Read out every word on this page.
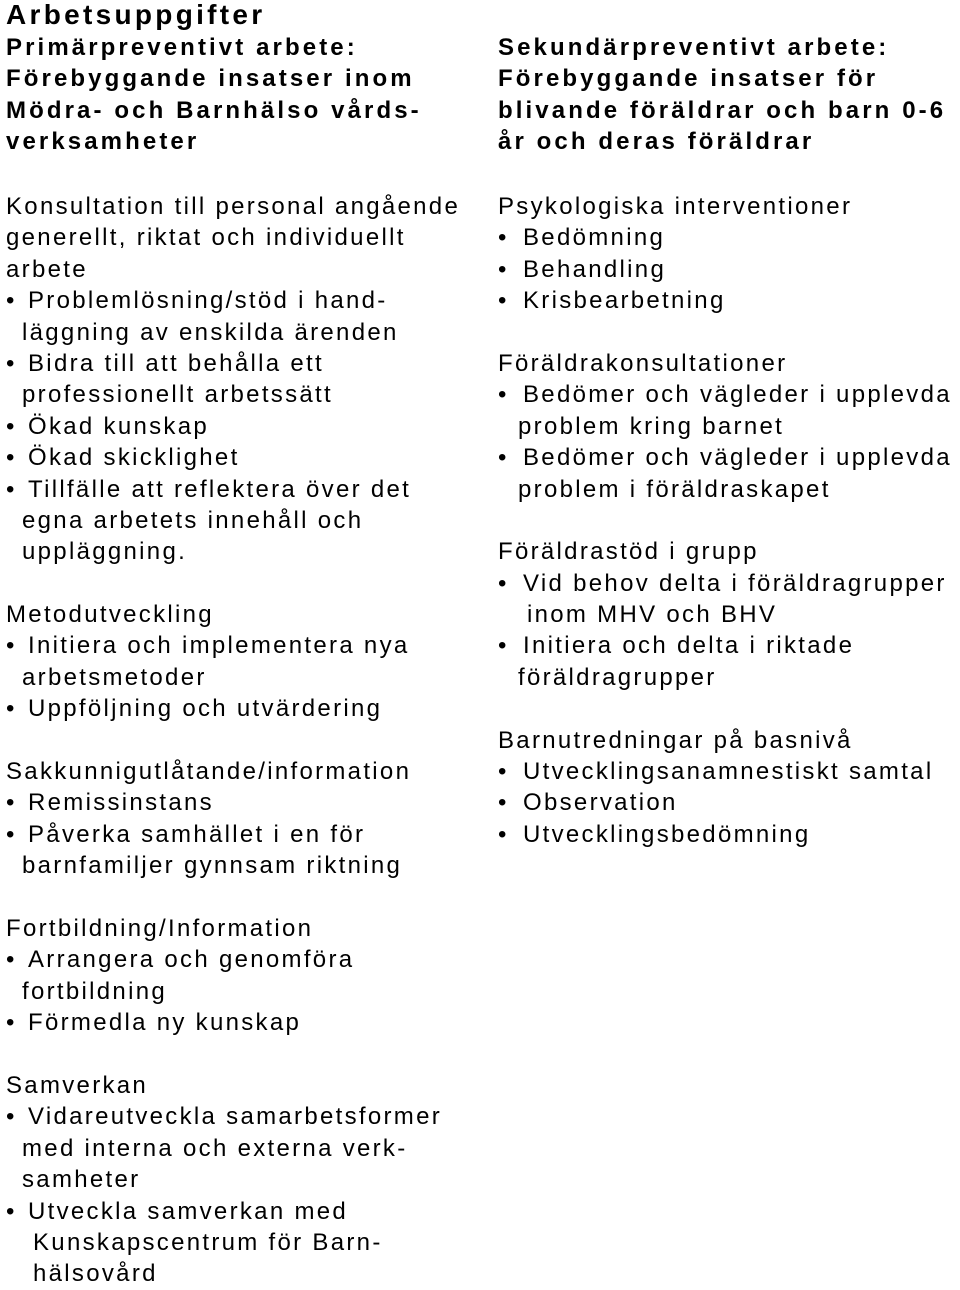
Arbetsuppgifter
Primärpreventivt arbete:
Förebyggande insatser inom
Mödra- och Barnhälso vårds-
verksamheter
Sekundärpreventivt arbete:
Förebyggande insatser för
blivande föräldrar och barn 0-6
år och deras föräldrar
Konsultation till personal angående
generellt, riktat och individuellt
arbete
•Problemlösning/stöd i hand-
läggning av enskilda ärenden
•Bidra till att behålla ett
professionellt arbetssätt
•Ökad kunskap
•Ökad skicklighet
•Tillfälle att reflektera över det
egna arbetets innehåll och
uppläggning.
Metodutveckling
•Initiera och implementera nya
arbetsmetoder
•Uppföljning och utvärdering
Sakkunnigutlåtande/information
•Remissinstans
•Påverka samhället i en för
barnfamiljer gynnsam riktning
Fortbildning/Information
•Arrangera och genomföra
fortbildning
•Förmedla ny kunskap
Samverkan
•Vidareutveckla samarbetsformer
med interna och externa verk-
samheter
•Utveckla samverkan med
Kunskapscentrum för Barn-
hälsovård
Psykologiska interventioner
•Bedömning
•Behandling
•Krisbearbetning
Föräldrakonsultationer
•Bedömer och vägleder i upplevda
problem kring barnet
•Bedömer och vägleder i upplevda
problem i föräldraskapet
Föräldrastöd i grupp
•Vid behov delta i föräldragrupper
inom MHV och BHV
•Initiera och delta i riktade
föräldragrupper
Barnutredningar på basnivå
•Utvecklingsanamnestiskt samtal
•Observation
•Utvecklingsbedömning
